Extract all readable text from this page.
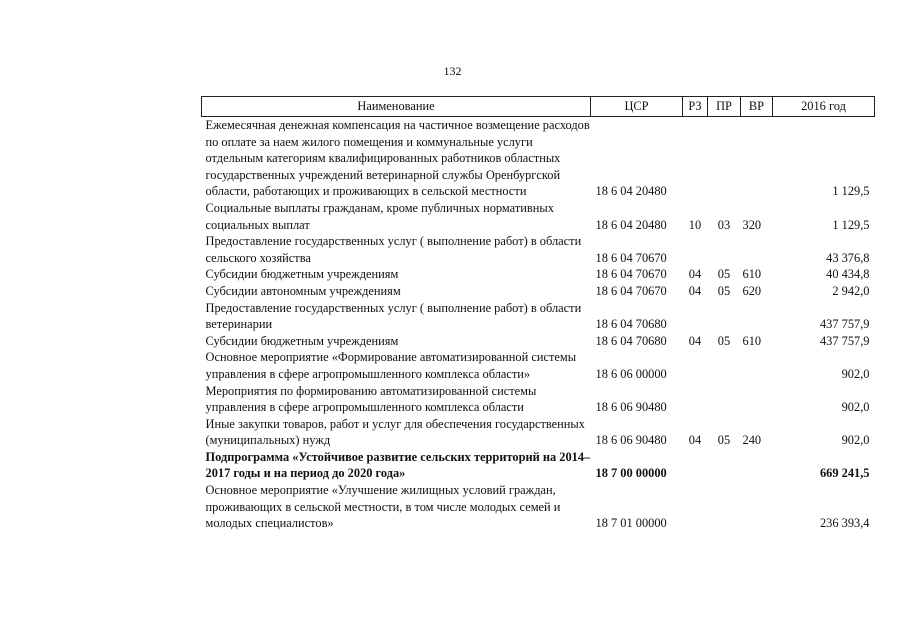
132
Наименование	ЦСР	РЗ	ПР	ВР	2016 год
Ежемесячная денежная компенсация на частичное возмещение расходов по оплате за наем жилого помещения и коммунальные услуги отдельным категориям квалифицированных работников областных государственных учреждений ветеринарной службы Оренбургской области, работающих и проживающих в сельской местности	18 6 04 20480				1 129,5
Социальные выплаты гражданам, кроме публичных нормативных социальных выплат	18 6 04 20480	10	03	320	1 129,5
Предоставление государственных услуг ( выполнение работ) в области сельского хозяйства	18 6 04 70670				43 376,8
Субсидии бюджетным учреждениям	18 6 04 70670	04	05	610	40 434,8
Субсидии автономным учреждениям	18 6 04 70670	04	05	620	2 942,0
Предоставление государственных услуг ( выполнение работ) в области ветеринарии	18 6 04 70680				437 757,9
Субсидии бюджетным учреждениям	18 6 04 70680	04	05	610	437 757,9
Основное мероприятие «Формирование автоматизированной системы управления в сфере агропромышленного комплекса области»	18 6 06 00000				902,0
Мероприятия по формированию автоматизированной системы управления в сфере агропромышленного комплекса области	18 6 06 90480				902,0
Иные закупки товаров, работ и услуг для обеспечения государственных (муниципальных) нужд	18 6 06 90480	04	05	240	902,0
Подпрограмма «Устойчивое развитие сельских территорий на 2014–2017 годы и на период до 2020 года»	18 7 00 00000				669 241,5
Основное мероприятие «Улучшение жилищных условий граждан, проживающих в сельской местности, в том числе молодых семей и молодых специалистов»	18 7 01 00000				236 393,4
